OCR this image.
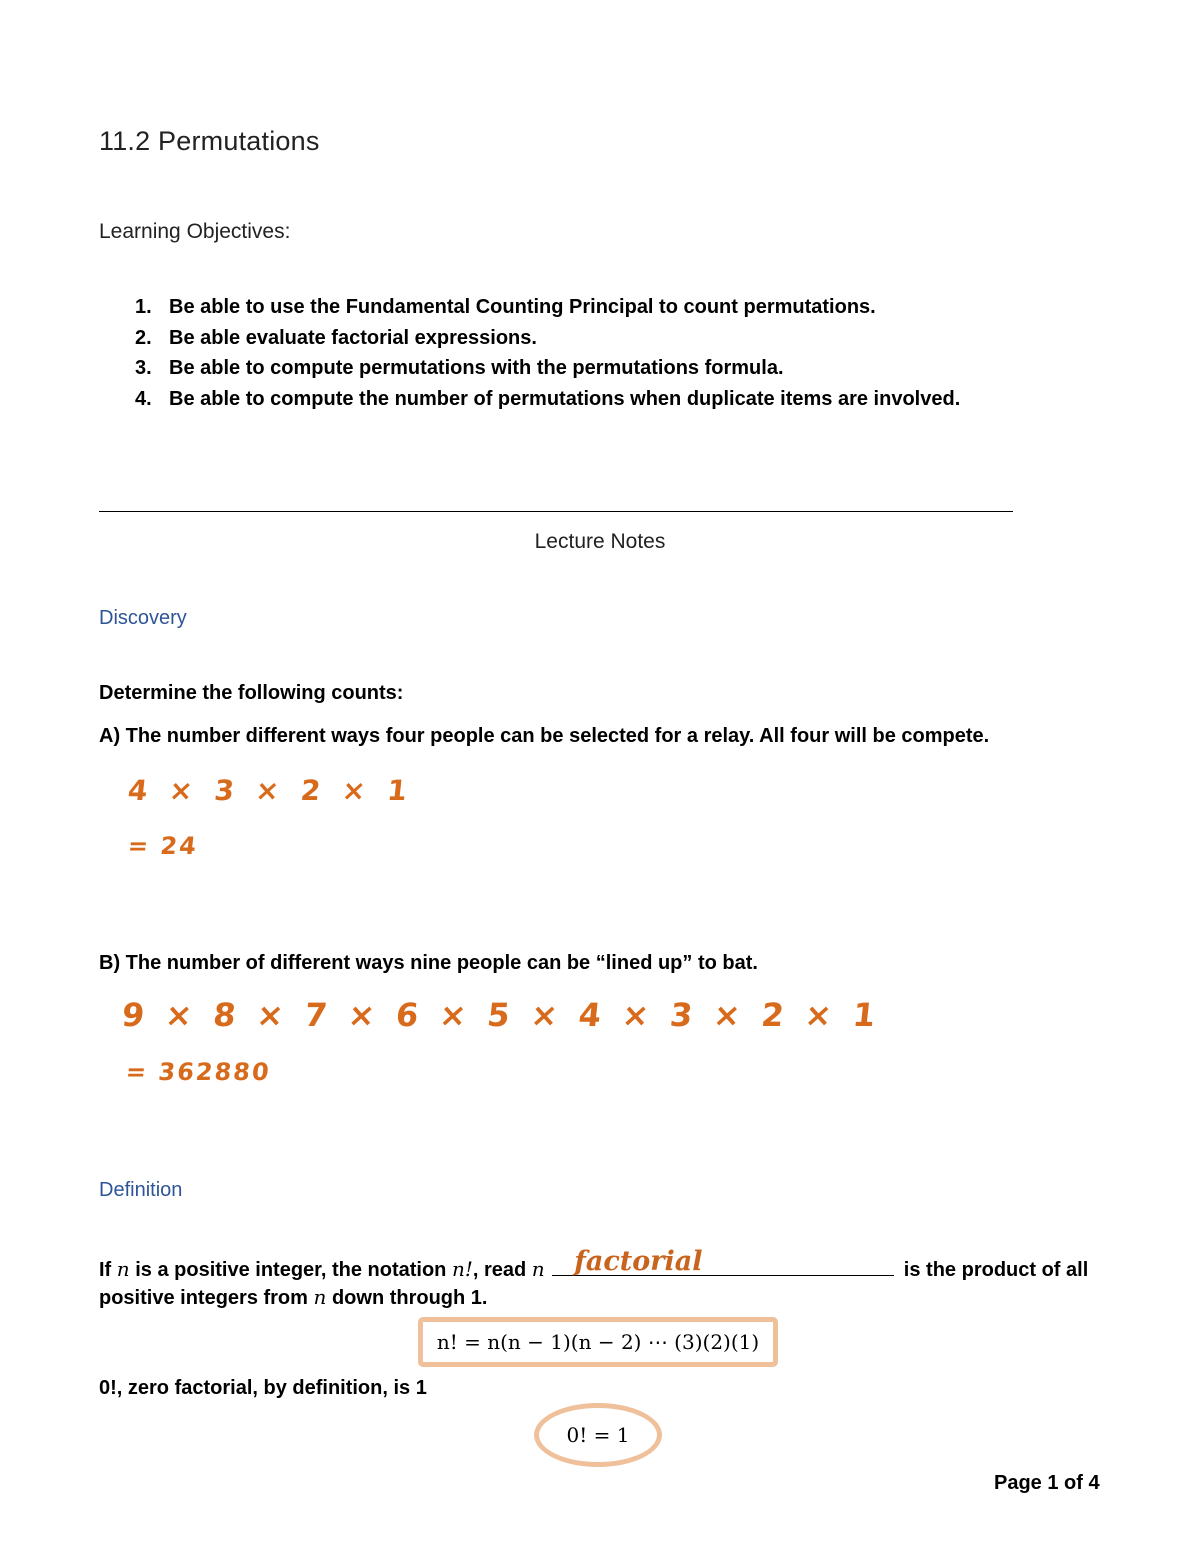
11.2 Permutations
Learning Objectives:
1. Be able to use the Fundamental Counting Principal to count permutations.
2. Be able evaluate factorial expressions.
3. Be able to compute permutations with the permutations formula.
4. Be able to compute the number of permutations when duplicate items are involved.
Lecture Notes
Discovery
Determine the following counts:
A) The number different ways four people can be selected for a relay. All four will be compete.
4 × 3 × 2 × 1
= 24
B) The number of different ways nine people can be “lined up” to bat.
9 × 8 × 7 × 6 × 5 × 4 × 3 × 2 × 1
= 362880
Definition
If n is a positive integer, the notation n!, read n factorial	is the product of all
positive integers from n down through 1.
n! = n(n − 1)(n − 2) ⋯ (3)(2)(1)
0!, zero factorial, by definition, is 1
0! = 1
Page 1 of 4
